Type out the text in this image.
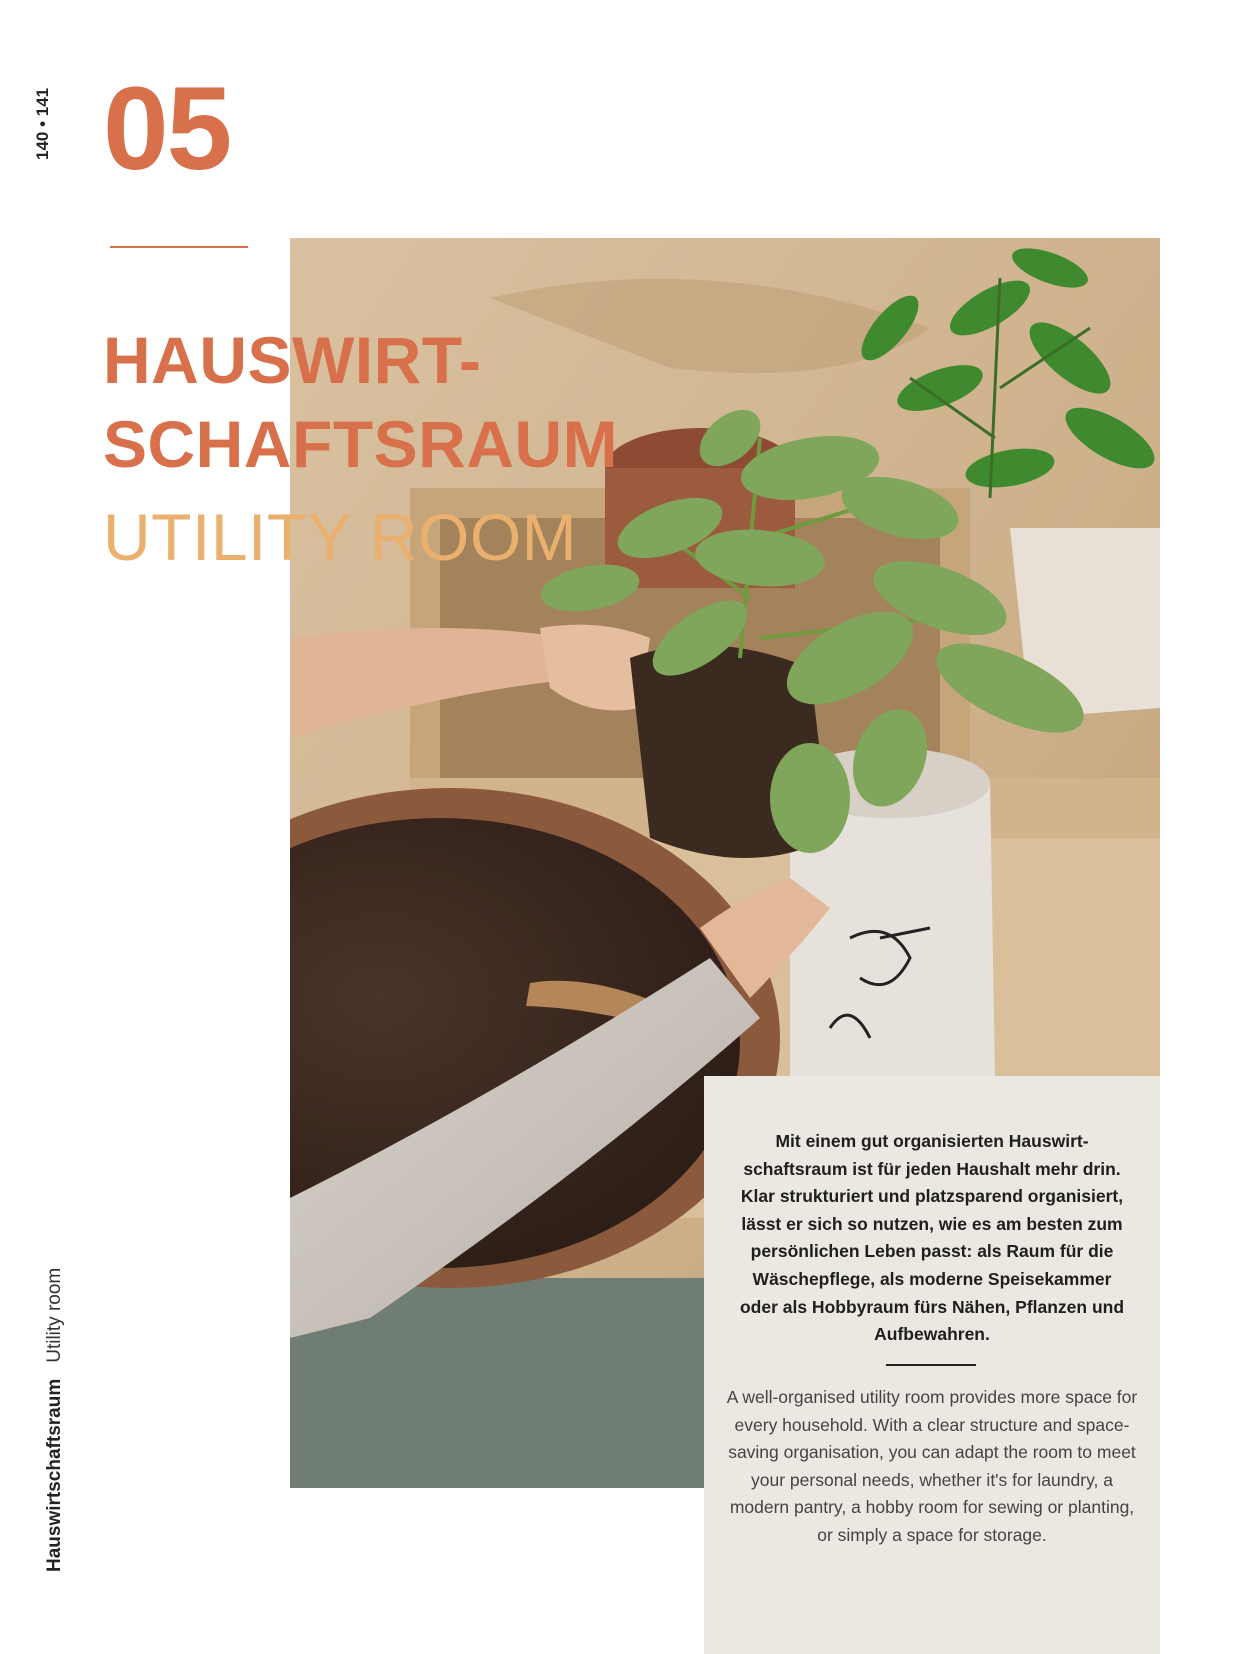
140 • 141 05
HAUSWIRT-
SCHAFTSRAUM
UTILITY ROOM
Mit einem gut organisierten Hauswirt-schaftsraum ist für jeden Haushalt mehr drin. Klar strukturiert und platzsparend organisiert, lässt er sich so nutzen, wie es am besten zum persönlichen Leben passt: als Raum für die Wäschepflege, als moderne Speisekammer oder als Hobbyraum fürs Nähen, Pflanzen und Aufbewahren.
A well-organised utility room provides more space for every household. With a clear structure and space-saving organisation, you can adapt the room to meet your personal needs, whether it's for laundry, a modern pantry, a hobby room for sewing or planting, or simply a space for storage.
HauswirtschaftsraumUtility room
